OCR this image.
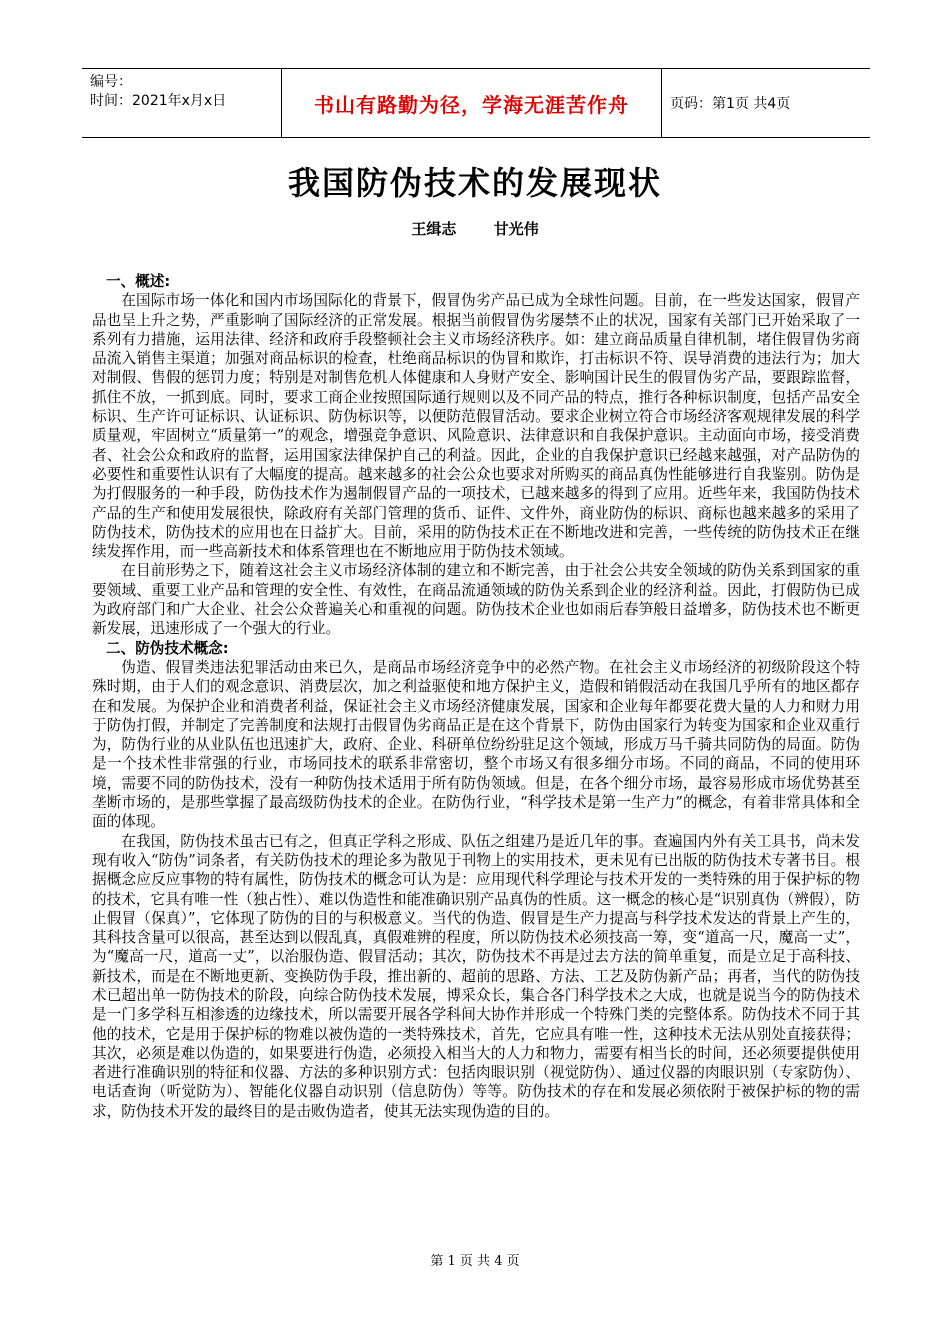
编号：
时间：2021年x月x日	书山有路勤为径，学海无涯苦作舟	页码：第1页 共4页
我国防伪技术的发展现状
王缉志 甘光伟
一、概述:

在国际市场一体化和国内市场国际化的背景下，假冒伪劣产品已成为全球性问题。目前，在一些发达国家，假冒产品也呈上升之势，严重影响了国际经济的正常发展。根据当前假冒伪劣屡禁不止的状况，国家有关部门已开始采取了一系列有力措施，运用法律、经济和政府手段整顿社会主义市场经济秩序。如：建立商品质量自律机制，堵住假冒伪劣商品流入销售主渠道；加强对商品标识的检查，杜绝商品标识的伪冒和欺诈，打击标识不符、误导消费的违法行为；加大对制假、售假的惩罚力度；特别是对制售危机人体健康和人身财产安全、影响国计民生的假冒伪劣产品，要跟踪监督，抓住不放，一抓到底。同时，要求工商企业按照国际通行规则以及不同产品的特点，推行各种标识制度，包括产品安全标识、生产许可证标识、认证标识、防伪标识等，以便防范假冒活动。要求企业树立符合市场经济客观规律发展的科学质量观，牢固树立“质量第一”的观念，增强竞争意识、风险意识、法律意识和自我保护意识。主动面向市场，接受消费者、社会公众和政府的监督，运用国家法律保护自己的利益。因此，企业的自我保护意识已经越来越强，对产品防伪的必要性和重要性认识有了大幅度的提高。越来越多的社会公众也要求对所购买的商品真伪性能够进行自我鉴别。防伪是为打假服务的一种手段，防伪技术作为遏制假冒产品的一项技术，已越来越多的得到了应用。近些年来，我国防伪技术产品的生产和使用发展很快，除政府有关部门管理的货币、证件、文件外，商业防伪的标识、商标也越来越多的采用了防伪技术，防伪技术的应用也在日益扩大。目前，采用的防伪技术正在不断地改进和完善，一些传统的防伪技术正在继续发挥作用，而一些高新技术和体系管理也在不断地应用于防伪技术领域。

在目前形势之下，随着这社会主义市场经济体制的建立和不断完善，由于社会公共安全领域的防伪关系到国家的重要领域、重要工业产品和管理的安全性、有效性，在商品流通领域的防伪关系到企业的经济利益。因此，打假防伪已成为政府部门和广大企业、社会公众普遍关心和重视的问题。防伪技术企业也如雨后春笋般日益增多，防伪技术也不断更新发展，迅速形成了一个强大的行业。

二、防伪技术概念:

伪造、假冒类违法犯罪活动由来已久，是商品市场经济竞争中的必然产物。在社会主义市场经济的初级阶段这个特殊时期，由于人们的观念意识、消费层次，加之利益驱使和地方保护主义，造假和销假活动在我国几乎所有的地区都存在和发展。为保护企业和消费者利益，保证社会主义市场经济健康发展，国家和企业每年都要花费大量的人力和财力用于防伪打假，并制定了完善制度和法规打击假冒伪劣商品正是在这个背景下，防伪由国家行为转变为国家和企业双重行为，防伪行业的从业队伍也迅速扩大，政府、企业、科研单位纷纷驻足这个领域，形成万马千骑共同防伪的局面。防伪是一个技术性非常强的行业，市场同技术的联系非常密切，整个市场又有很多细分市场。不同的商品，不同的使用环境，需要不同的防伪技术，没有一种防伪技术适用于所有防伪领域。但是，在各个细分市场，最容易形成市场优势甚至垄断市场的，是那些掌握了最高级防伪技术的企业。在防伪行业，“科学技术是第一生产力”的概念，有着非常具体和全面的体现。

在我国，防伪技术虽古已有之，但真正学科之形成、队伍之组建乃是近几年的事。查遍国内外有关工具书，尚未发现有收入“防伪”词条者，有关防伪技术的理论多为散见于刊物上的实用技术，更未见有已出版的防伪技术专著书目。根据概念应反应事物的特有属性，防伪技术的概念可认为是：应用现代科学理论与技术开发的一类特殊的用于保护标的物的技术，它具有唯一性（独占性）、难以伪造性和能准确识别产品真伪的性质。这一概念的核心是“识别真伪（辨假），防止假冒（保真）”，它体现了防伪的目的与积极意义。当代的伪造、假冒是生产力提高与科学技术发达的背景上产生的，其科技含量可以很高，甚至达到以假乱真，真假难辨的程度，所以防伪技术必须技高一筹，变“道高一尺，魔高一丈”，为“魔高一尺，道高一丈”，以治服伪造、假冒活动；其次，防伪技术不再是过去方法的简单重复，而是立足于高科技、新技术，而是在不断地更新、变换防伪手段，推出新的、超前的思路、方法、工艺及防伪新产品；再者，当代的防伪技术已超出单一防伪技术的阶段，向综合防伪技术发展，博采众长，集合各门科学技术之大成，也就是说当今的防伪技术是一门多学科互相渗透的边缘技术，所以需要开展各学科间大协作并形成一个特殊门类的完整体系。防伪技术不同于其他的技术，它是用于保护标的物难以被伪造的一类特殊技术，首先，它应具有唯一性，这种技术无法从别处直接获得；其次，必须是难以伪造的，如果要进行伪造，必须投入相当大的人力和物力，需要有相当长的时间，还必须要提供使用者进行准确识别的特征和仪器、方法的多种识别方式：包括肉眼识别（视觉防伪）、通过仪器的肉眼识别（专家防伪）、电话查询（听觉防为）、智能化仪器自动识别（信息防伪）等等。防伪技术的存在和发展必须依附于被保护标的物的需求，防伪技术开发的最终目的是击败伪造者，使其无法实现伪造的目的。

第 1 页 共 4 页
